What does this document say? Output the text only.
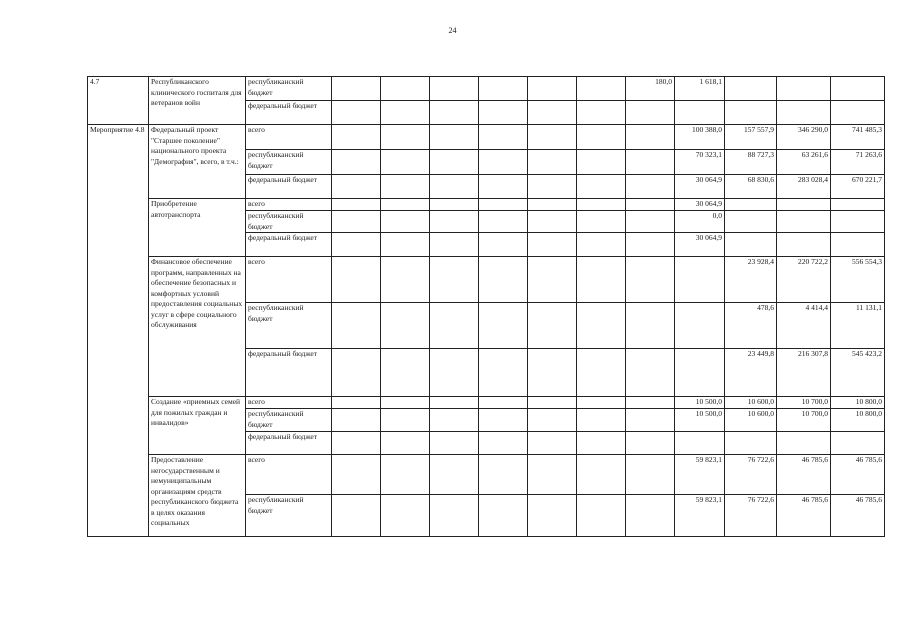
24
4.7	Республиканского клинического госпиталя для ветеранов войн	республиканский бюджет							180,0	1 618,1			
		федеральный бюджет											
Мероприятие 4.8	Федеральный проект "Старшее поколение" национального проекта "Демография", всего, в т.ч.:	всего								100 388,0	157 557,9	346 290,0	741 485,3
		республиканский бюджет								70 323,1	88 727,3	63 261,6	71 263,6
		федеральный бюджет								30 064,9	68 830,6	283 028,4	670 221,7
	Приобретение автотранспорта	всего								30 064,9			
		республиканский бюджет								0,0			
		федеральный бюджет								30 064,9			
	Финансовое обеспечение программ, направленных на обеспечение безопасных и комфортных условий предоставления социальных услуг в сфере социального обслуживания	всего									23 928,4	220 722,2	556 554,3
		республиканский бюджет									478,6	4 414,4	11 131,1
		федеральный бюджет									23 449,8	216 307,8	545 423,2
	Создание «приемных семей для пожилых граждан и инвалидов»	всего								10 500,0	10 600,0	10 700,0	10 800,0
		республиканский бюджет								10 500,0	10 600,0	10 700,0	10 800,0
		федеральный бюджет											
	Предоставление негосударственным и немуниципальным организациям средств республиканского бюджета в целях оказания социальных	всего								59 823,1	76 722,6	46 785,6	46 785,6
		республиканский бюджет								59 823,1	76 722,6	46 785,6	46 785,6
